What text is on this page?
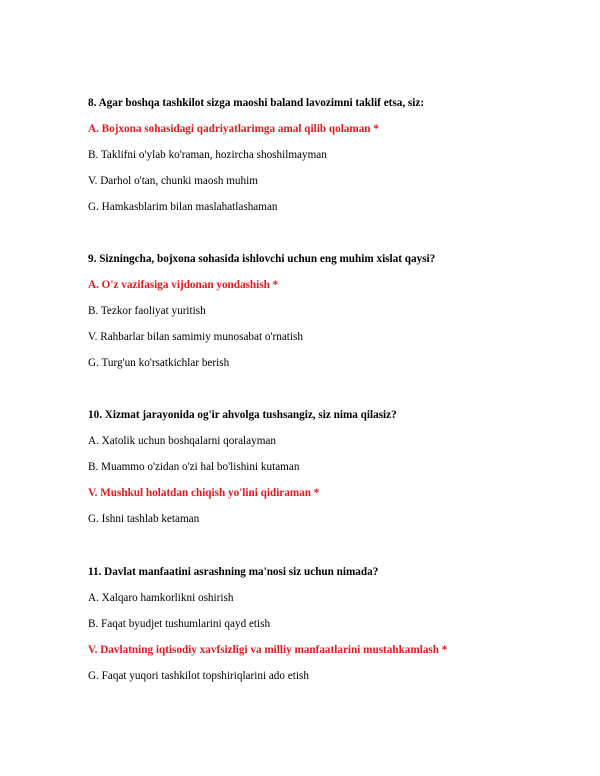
8. Agar boshqa tashkilot sizga maoshi baland lavozimni taklif etsa, siz:
A. Bojxona sohasidagi qadriyatlarimga amal qilib qolaman *
B. Taklifni o'ylab ko'raman, hozircha shoshilmayman
V. Darhol o'tan, chunki maosh muhim
G. Hamkasblarim bilan maslahatlashaman
9. Sizningcha, bojxona sohasida ishlovchi uchun eng muhim xislat qaysi?
A. O'z vazifasiga vijdonan yondashish *
B. Tezkor faoliyat yuritish
V. Rahbarlar bilan samimiy munosabat o'rnatish
G. Turg'un ko'rsatkichlar berish
10. Xizmat jarayonida og'ir ahvolga tushsangiz, siz nima qilasiz?
A. Xatolik uchun boshqalarni qoralayman
B. Muammo o'zidan o'zi hal bo'lishini kutaman
V. Mushkul holatdan chiqish yo'lini qidiraman *
G. Ishni tashlab ketaman
11. Davlat manfaatini asrashning ma'nosi siz uchun nimada?
A. Xalqaro hamkorlikni oshirish
B. Faqat byudjet tushumlarini qayd etish
V. Davlatning iqtisodiy xavfsizligi va milliy manfaatlarini mustahkamlash *
G. Faqat yuqori tashkilot topshiriqlarini ado etish
